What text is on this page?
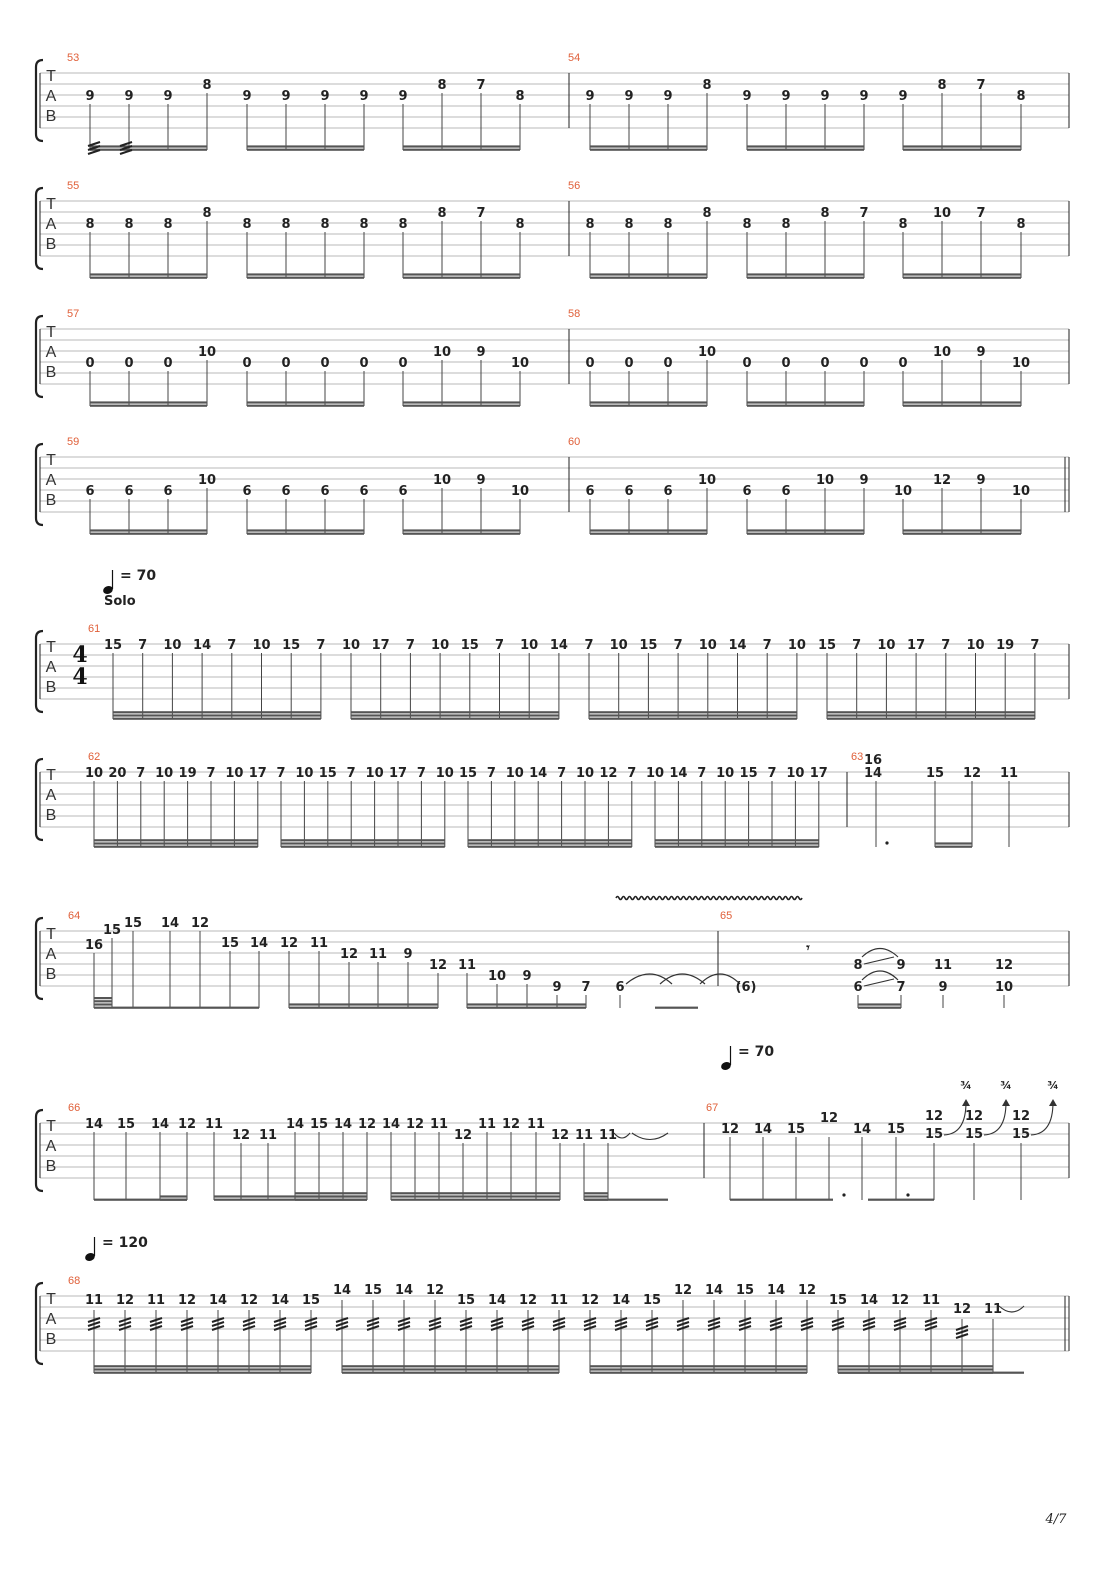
T
A
B
T
A
B
T
A
B
T
A
B
T
A
B
4
4
T
A
B
T
A
B
T
A
B
T
A
B
53
9 9 9
8
9 9 9 9 9
8 7
8
54
9 9 9
8
9 9 9 9 9
8 7
8
55
8 8 8
8
8 8 8 8 8
8 7
8
56
8 8 8
8
8 8
8 7
8
10 7
8
57
0 0 0
10
0 0 0 0 0
10 9
10
58
0 0 0
10
0 0 0 0 0
10 9
10
59
6 6 6
10
6 6 6 6 6
10 9
10
60
6 6 6
10
6 6
10 9
10
12 9
10
= 70
Solo
= 70
= 120
61
15 7 10 14 7 10 15 7 10 17 7 10 15 7 10 14 7 10 15 7 10 14 7 10 15 7 10 17 7 10 19 7
62
10 20 7 10 19 7 10 17 7 10 15 7 10 17 7 10 15 7 10 14 7 10 12 7 10 14 7 10 15 7 10 17
63 16
14	15 12 11
64
16
15 15 14 12
15 14 12 11
12 11 9
12 11
10 9
9 7 6
65
(6)
𝄾
8
6
9
7
11
9
12
10
66
14 15 14 12 11
12 11
14 15 14 12 14 12 11
12
11 12 11
12 11 11
67
12 14 15
12
14 15
12
15
¾
12
15
¾
12
15
¾
68
11 12 11 12 14 12 14 15
14 15 14 12
15 14 12 11 12 14 15
12 14 15 14 12
15 14 12 11
12 11
4/7
